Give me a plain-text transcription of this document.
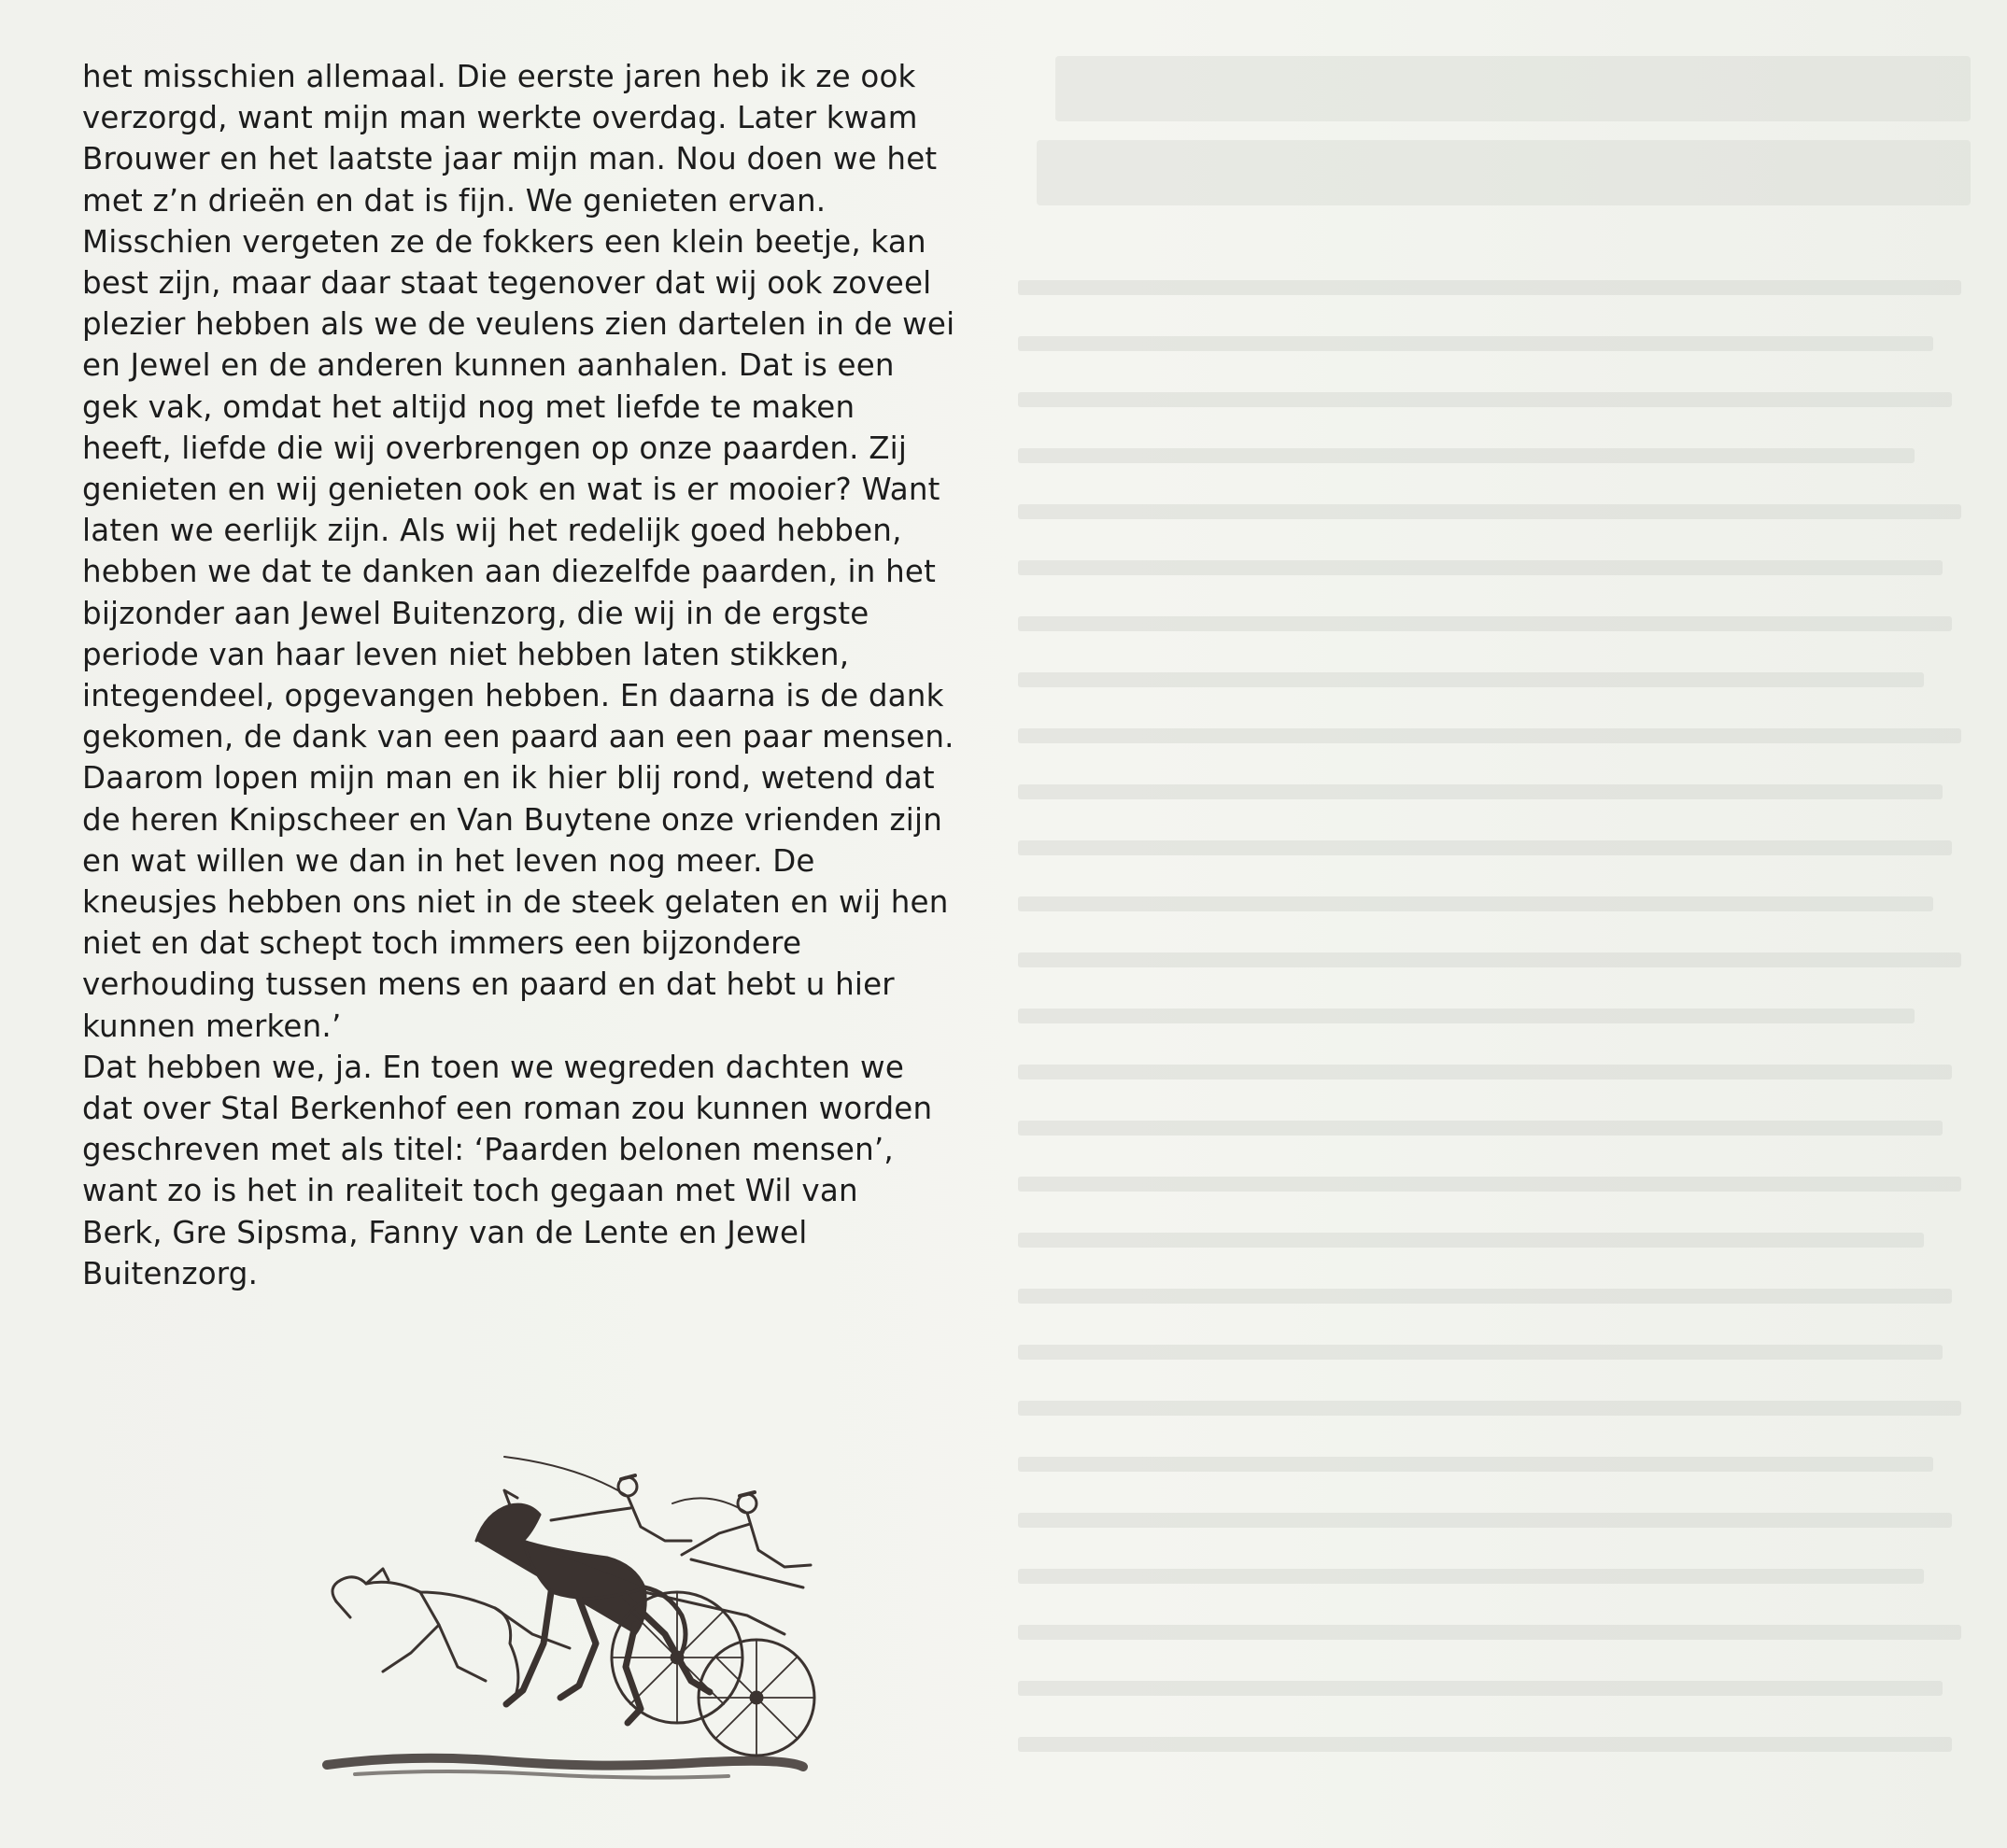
het misschien allemaal. Die eerste jaren heb ik ze ook
verzorgd, want mijn man werkte overdag. Later kwam
Brouwer en het laatste jaar mijn man. Nou doen we het
met z’n drieën en dat is fijn. We genieten ervan.
Misschien vergeten ze de fokkers een klein beetje, kan
best zijn, maar daar staat tegenover dat wij ook zoveel
plezier hebben als we de veulens zien dartelen in de wei
en Jewel en de anderen kunnen aanhalen. Dat is een
gek vak, omdat het altijd nog met liefde te maken
heeft, liefde die wij overbrengen op onze paarden. Zij
genieten en wij genieten ook en wat is er mooier? Want
laten we eerlijk zijn. Als wij het redelijk goed hebben,
hebben we dat te danken aan diezelfde paarden, in het
bijzonder aan Jewel Buitenzorg, die wij in de ergste
periode van haar leven niet hebben laten stikken,
integendeel, opgevangen hebben. En daarna is de dank
gekomen, de dank van een paard aan een paar mensen.
Daarom lopen mijn man en ik hier blij rond, wetend dat
de heren Knipscheer en Van Buytene onze vrienden zijn
en wat willen we dan in het leven nog meer. De
kneusjes hebben ons niet in de steek gelaten en wij hen
niet en dat schept toch immers een bijzondere
verhouding tussen mens en paard en dat hebt u hier
kunnen merken.’
Dat hebben we, ja. En toen we wegreden dachten we
dat over Stal Berkenhof een roman zou kunnen worden
geschreven met als titel: ‘Paarden belonen mensen’,
want zo is het in realiteit toch gegaan met Wil van
Berk, Gre Sipsma, Fanny van de Lente en Jewel
Buitenzorg.
